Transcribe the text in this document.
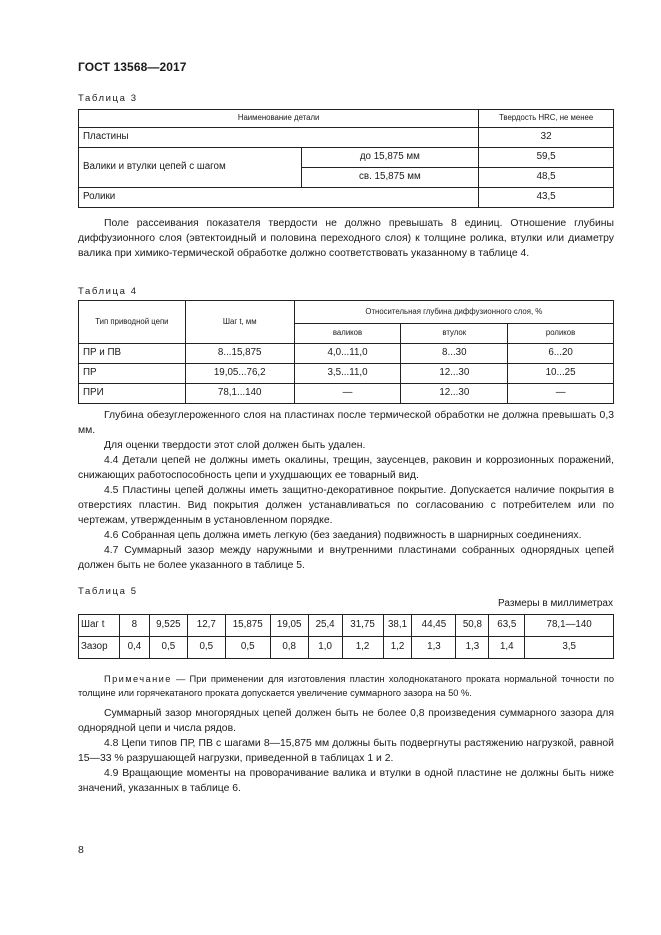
ГОСТ 13568—2017
Таблица 3
Наименование детали		Твердость HRC, не менее
Пластины		32
Валики и втулки цепей с шагом	до 15,875 мм	59,5
	св. 15,875 мм	48,5
Ролики		43,5

Поле рассеивания показателя твердости не должно превышать 8 единиц. Отношение глубины диффузионного слоя (эвтектоидный и половина переходного слоя) к толщине ролика, втулки или диаметру валика при химико-термической обработке должно соответствовать указанному в таблице 4.

Таблица 4
Тип приводной цепи	Шаг t, мм	Относительная глубина диффузионного слоя, %		
		валиков	втулок	роликов
ПР и ПВ	8...15,875	4,0...11,0	8...30	6...20
ПР	19,05...76,2	3,5...11,0	12...30	10...25
ПРИ	78,1...140	—	12...30	—

Глубина обезуглероженного слоя на пластинах после термической обработки не должна превышать 0,3 мм.

Для оценки твердости этот слой должен быть удален.

4.4 Детали цепей не должны иметь окалины, трещин, заусенцев, раковин и коррозионных поражений, снижающих работоспособность цепи и ухудшающих ее товарный вид.

4.5 Пластины цепей должны иметь защитно-декоративное покрытие. Допускается наличие покрытия в отверстиях пластин. Вид покрытия должен устанавливаться по согласованию с потребителем или по чертежам, утвержденным в установленном порядке.

4.6 Собранная цепь должна иметь легкую (без заедания) подвижность в шарнирных соединениях.

4.7 Суммарный зазор между наружными и внутренними пластинами собранных однорядных цепей должен быть не более указанного в таблице 5.

Таблица 5
Размеры в миллиметрах
Шаг t	8	9,525	12,7	15,875	19,05	25,4	31,75	38,1	44,45	50,8	63,5	78,1—140
Зазор	0,4	0,5	0,5	0,5	0,8	1,0	1,2	1,2	1,3	1,3	1,4	3,5

Примечание — При применении для изготовления пластин холоднокатаного проката нормальной точности по толщине или горячекатаного проката допускается увеличение суммарного зазора на 50 %.

Суммарный зазор многорядных цепей должен быть не более 0,8 произведения суммарного зазора для однорядной цепи и числа рядов.

4.8 Цепи типов ПР, ПВ с шагами 8—15,875 мм должны быть подвергнуты растяжению нагрузкой, равной 15—33 % разрушающей нагрузки, приведенной в таблицах 1 и 2.

4.9 Вращающие моменты на проворачивание валика и втулки в одной пластине не должны быть ниже значений, указанных в таблице 6.

8
